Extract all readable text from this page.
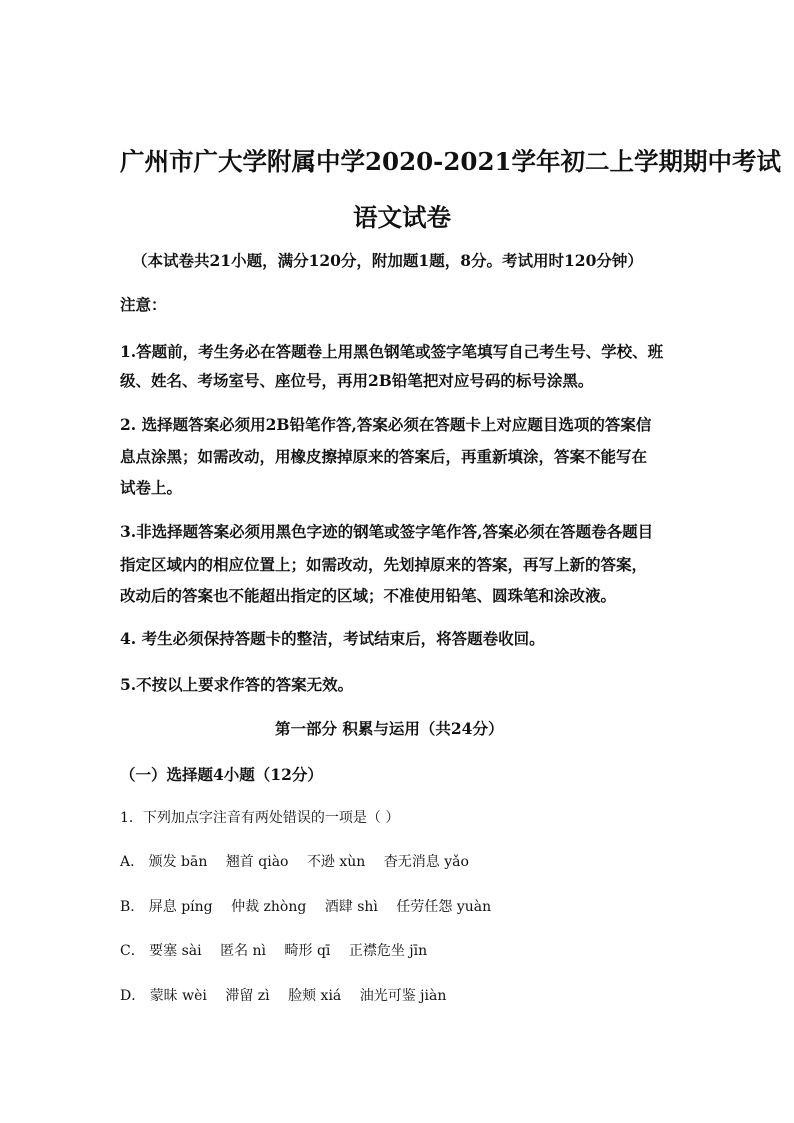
广州市广大学附属中学2020-2021学年初二上学期期中考试
语文试卷
（本试卷共21小题，满分120分，附加题1题，8分。考试用时120分钟）
注意：
1.答题前，考生务必在答题卷上用黑色钢笔或签字笔填写自己考生号、学校、班
级、姓名、考场室号、座位号，再用2B铅笔把对应号码的标号涂黑。
2. 选择题答案必须用2B铅笔作答,答案必须在答题卡上对应题目选项的答案信
息点涂黑；如需改动，用橡皮擦掉原来的答案后，再重新填涂，答案不能写在
试卷上。
3.非选择题答案必须用黑色字迹的钢笔或签字笔作答,答案必须在答题卷各题目
指定区域内的相应位置上；如需改动，先划掉原来的答案，再写上新的答案，
改动后的答案也不能超出指定的区域；不准使用铅笔、圆珠笔和涂改液。
4. 考生必须保持答题卡的整洁，考试结束后，将答题卷收回。
5.不按以上要求作答的答案无效。
第一部分 积累与运用（共24分）
（一）选择题4小题（12分）
1．下列加点字注音有两处错误的一项是（ ）
A． 颁发 bān 翘首 qiào 不逊 xùn 杳无消息 yǎo
B． 屏息 píng 仲裁 zhòng 酒肆 shì 任劳任怨 yuàn
C． 要塞 sài 匿名 nì 畸形 qī 正襟危坐 jīn
D． 蒙昧 wèi 滞留 zì 脸颊 xiá 油光可鉴 jiàn
